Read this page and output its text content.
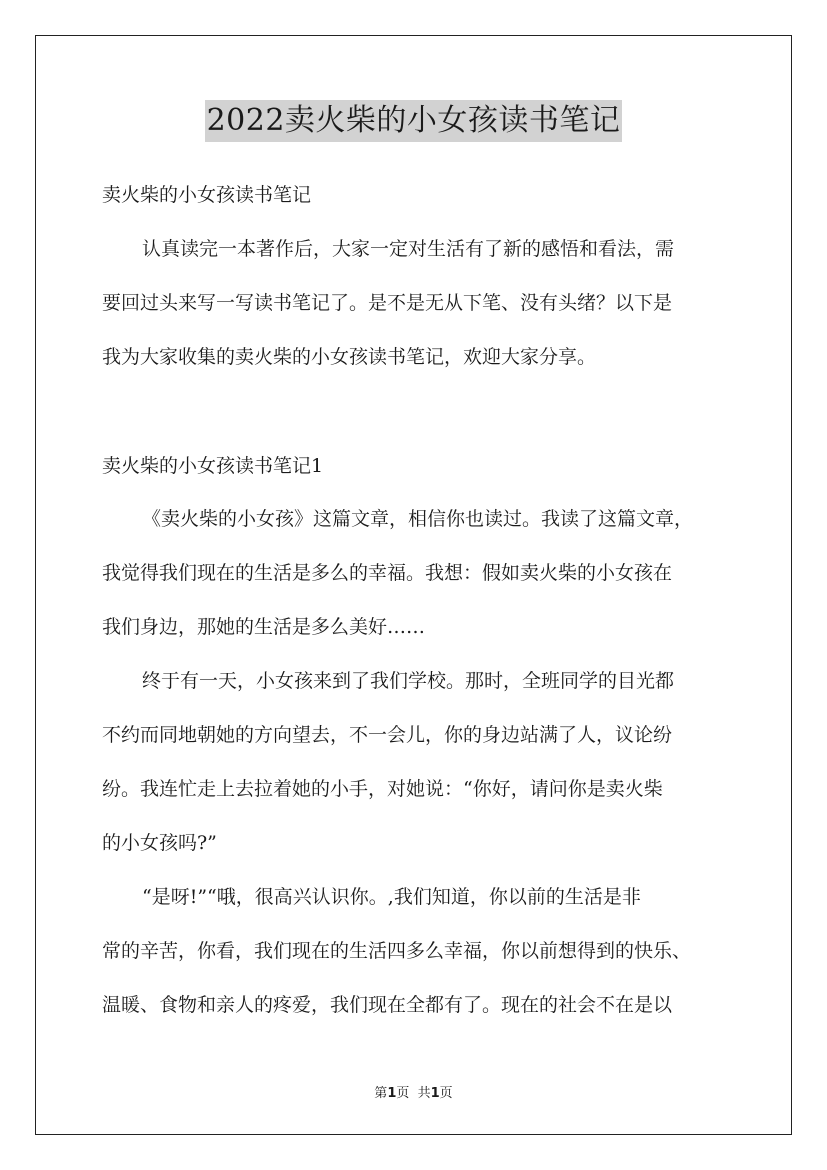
2022卖火柴的小女孩读书笔记
卖火柴的小女孩读书笔记
认真读完一本著作后，大家一定对生活有了新的感悟和看法，需
要回过头来写一写读书笔记了。是不是无从下笔、没有头绪？以下是
我为大家收集的卖火柴的小女孩读书笔记，欢迎大家分享。
卖火柴的小女孩读书笔记1
《卖火柴的小女孩》这篇文章，相信你也读过。我读了这篇文章，
我觉得我们现在的生活是多么的幸福。我想：假如卖火柴的小女孩在
我们身边，那她的生活是多么美好……
终于有一天，小女孩来到了我们学校。那时，全班同学的目光都
不约而同地朝她的方向望去，不一会儿，你的身边站满了人，议论纷
纷。我连忙走上去拉着她的小手，对她说：“你好，请问你是卖火柴
的小女孩吗?”
“是呀!”“哦，很高兴认识你。,我们知道，你以前的生活是非
常的辛苦，你看，我们现在的生活四多么幸福，你以前想得到的快乐、
温暖、食物和亲人的疼爱，我们现在全都有了。现在的社会不在是以
第1页  共1页
